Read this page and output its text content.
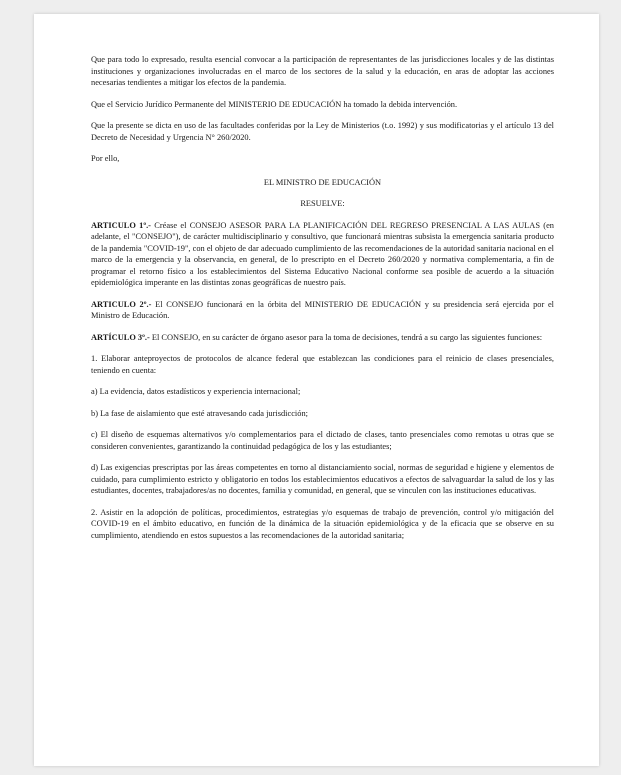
Que para todo lo expresado, resulta esencial convocar a la participación de representantes de las jurisdicciones locales y de las distintas instituciones y organizaciones involucradas en el marco de los sectores de la salud y la educación, en aras de adoptar las acciones necesarias tendientes a mitigar los efectos de la pandemia.

Que el Servicio Jurídico Permanente del MINISTERIO DE EDUCACIÓN ha tomado la debida intervención.

Que la presente se dicta en uso de las facultades conferidas por la Ley de Ministerios (t.o. 1992) y sus modificatorias y el artículo 13 del Decreto de Necesidad y Urgencia N° 260/2020.

Por ello,

EL MINISTRO DE EDUCACIÓN
RESUELVE:

ARTICULO 1º.- Créase el CONSEJO ASESOR PARA LA PLANIFICACIÓN DEL REGRESO PRESENCIAL A LAS AULAS (en adelante, el "CONSEJO"), de carácter multidisciplinario y consultivo, que funcionará mientras subsista la emergencia sanitaria producto de la pandemia "COVID-19", con el objeto de dar adecuado cumplimiento de las recomendaciones de la autoridad sanitaria nacional en el marco de la emergencia y la observancia, en general, de lo prescripto en el Decreto 260/2020 y normativa complementaria, a fin de programar el retorno físico a los establecimientos del Sistema Educativo Nacional conforme sea posible de acuerdo a la situación epidemiológica imperante en las distintas zonas geográficas de nuestro país.

ARTICULO 2º.- El CONSEJO funcionará en la órbita del MINISTERIO DE EDUCACIÓN y su presidencia será ejercida por el Ministro de Educación.

ARTÍCULO 3º.- El CONSEJO, en su carácter de órgano asesor para la toma de decisiones, tendrá a su cargo las siguientes funciones:

1. Elaborar anteproyectos de protocolos de alcance federal que establezcan las condiciones para el reinicio de clases presenciales, teniendo en cuenta:

a) La evidencia, datos estadísticos y experiencia internacional;

b) La fase de aislamiento que esté atravesando cada jurisdicción;

c) El diseño de esquemas alternativos y/o complementarios para el dictado de clases, tanto presenciales como remotas u otras que se consideren convenientes, garantizando la continuidad pedagógica de los y las estudiantes;

d) Las exigencias prescriptas por las áreas competentes en torno al distanciamiento social, normas de seguridad e higiene y elementos de cuidado, para cumplimiento estricto y obligatorio en todos los establecimientos educativos a efectos de salvaguardar la salud de los y las estudiantes, docentes, trabajadores/as no docentes, familia y comunidad, en general, que se vinculen con las instituciones educativas.

2. Asistir en la adopción de políticas, procedimientos, estrategias y/o esquemas de trabajo de prevención, control y/o mitigación del COVID-19 en el ámbito educativo, en función de la dinámica de la situación epidemiológica y de la eficacia que se observe en su cumplimiento, atendiendo en estos supuestos a las recomendaciones de la autoridad sanitaria;
